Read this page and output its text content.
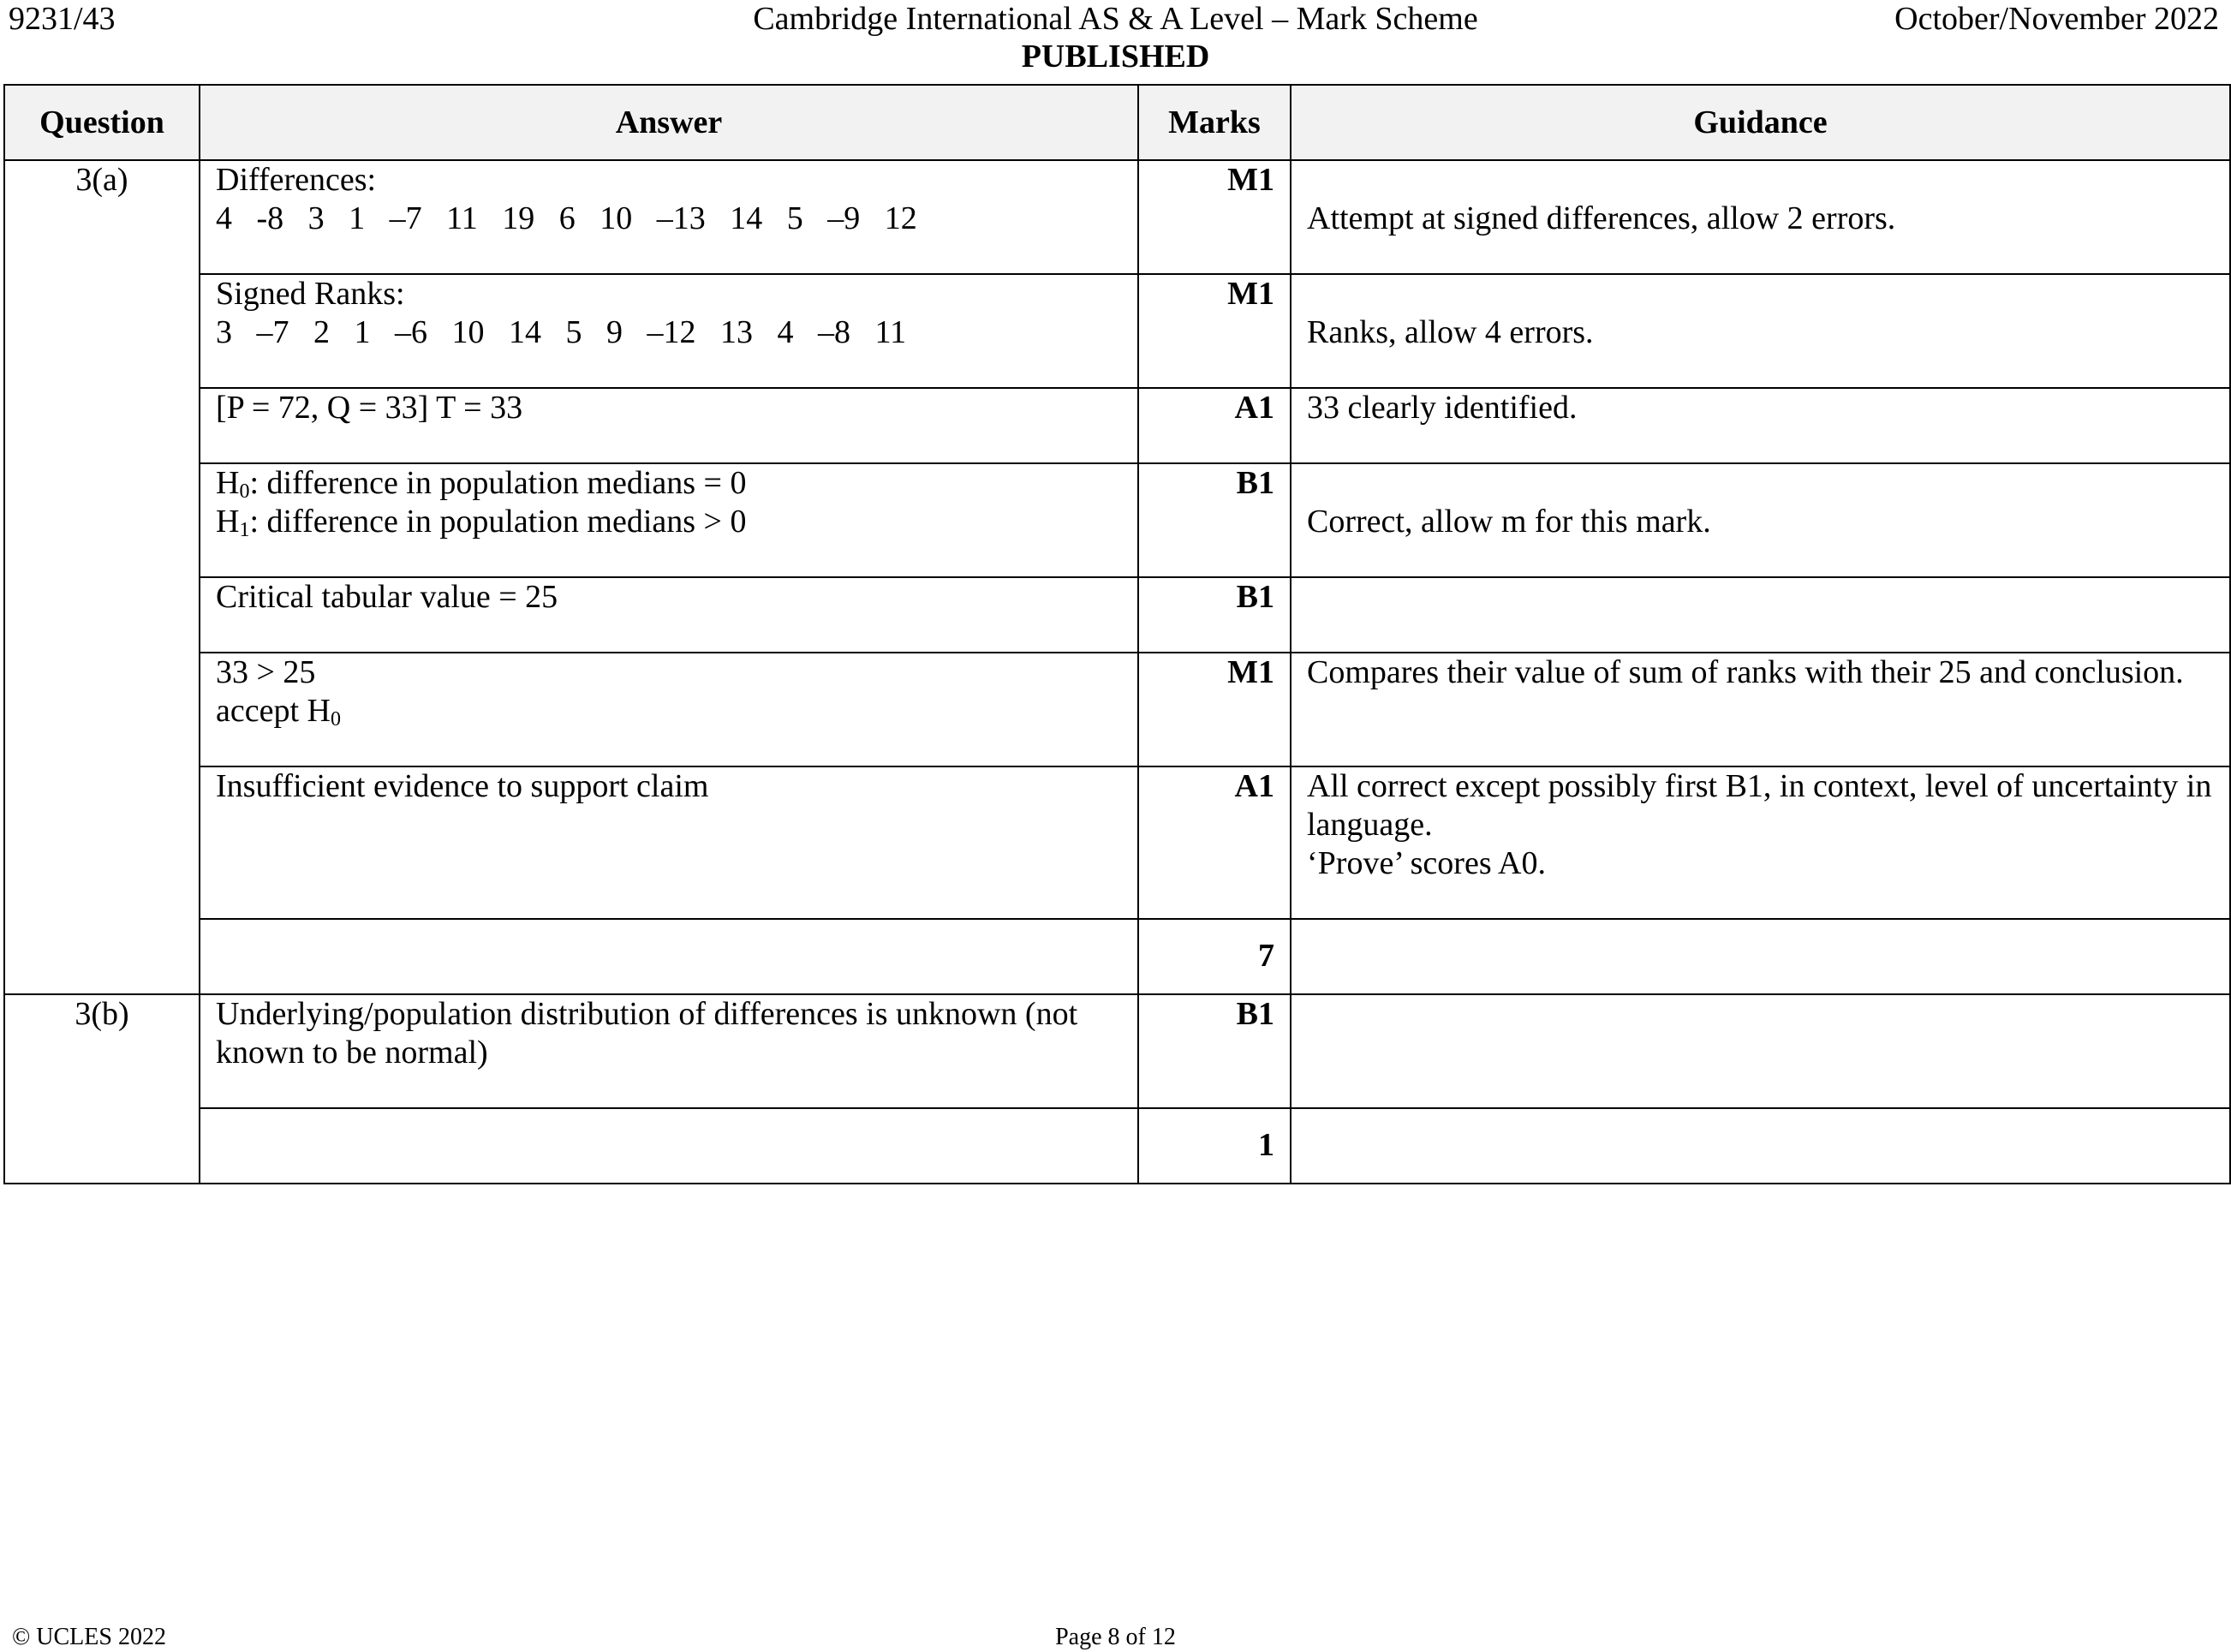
9231/43	Cambridge International AS & A Level – Mark Scheme	October/November 2022
PUBLISHED
Question	Answer	Marks	Guidance
3(a)	Differences:
4   -8   3   1   –7   11   19   6   10   –13   14   5   –9   12	M1	Attempt at signed differences, allow 2 errors.

	Signed Ranks:
3   –7   2   1   –6   10   14   5   9   –12   13   4   –8   11	M1	Ranks, allow 4 errors.

	[P = 72, Q = 33] T = 33	A1	33 clearly identified.

	$H_0$: difference in population medians = 0
$H_1$: difference in population medians > 0	B1	Correct, allow m for this mark.

	Critical tabular value = 25	B1	

	33 > 25
accept $H_0$	M1	Compares their value of sum of ranks with their 25 and conclusion.

	Insufficient evidence to support claim	A1	All correct except possibly first B1, in context, level of uncertainty in language.
‘Prove’ scores A0.

		7	
3(b)	Underlying/population distribution of differences is unknown (not known to be normal)	B1	
		1	
© UCLES 2022	Page 8 of 12
